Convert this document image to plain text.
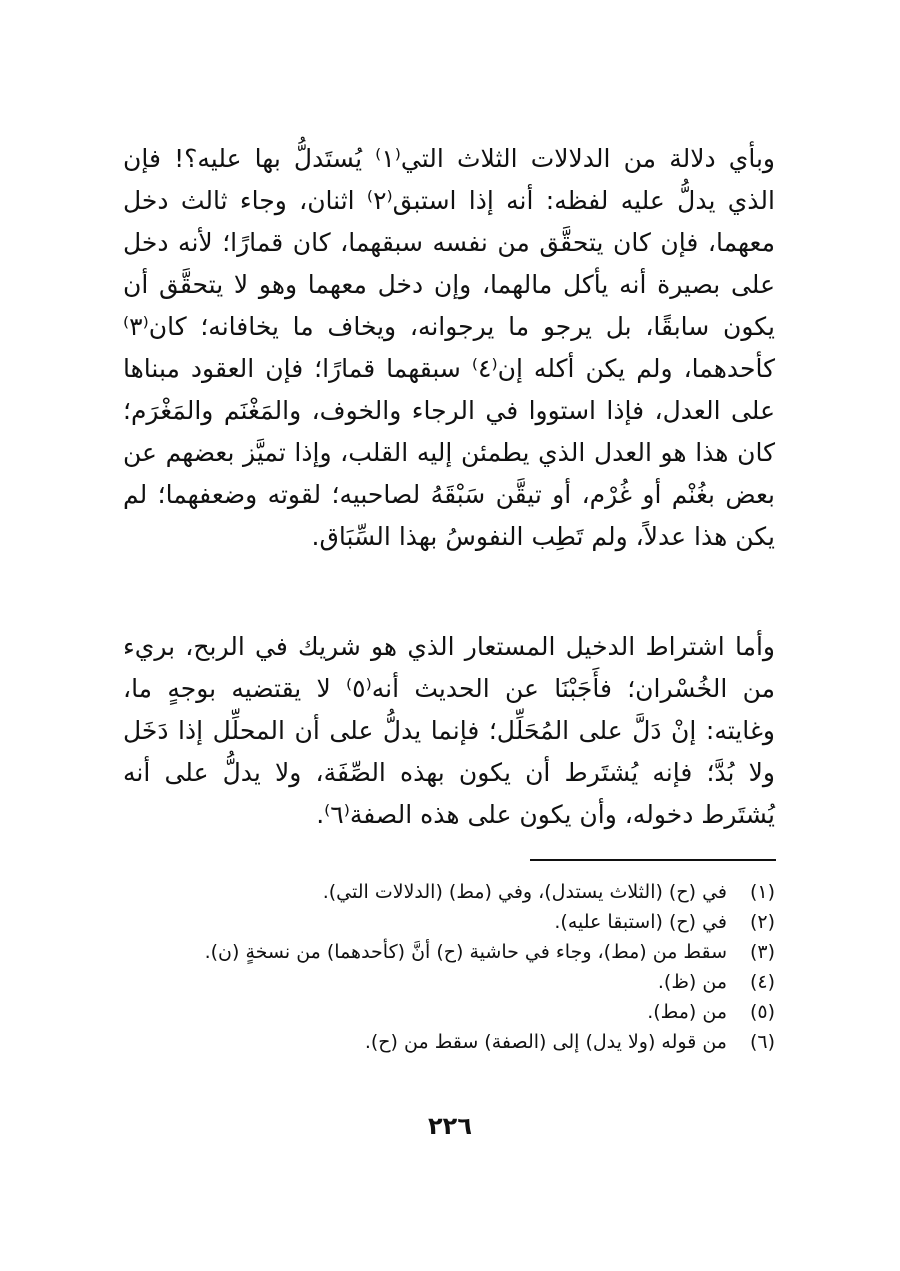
وبأي دلالة من الدلالات الثلاث التي⁽١⁾ يُستَدلُّ بها عليه؟! فإن الذي يدلُّ عليه لفظه: أنه إذا استبق⁽٢⁾ اثنان، وجاء ثالث دخل معهما، فإن كان يتحقَّق من نفسه سبقهما، كان قمارًا؛ لأنه دخل على بصيرة أنه يأكل مالهما، وإن دخل معهما وهو لا يتحقَّق أن يكون سابقًا، بل يرجو ما يرجوانه، ويخاف ما يخافانه؛ كان⁽٣⁾ كأحدهما، ولم يكن أكله إن⁽٤⁾ سبقهما قمارًا؛ فإن العقود مبناها على العدل، فإذا استووا في الرجاء والخوف، والمَغْنَم والمَغْرَم؛ كان هذا هو العدل الذي يطمئن إليه القلب، وإذا تميَّز بعضهم عن بعض بغُنْم أو غُرْم، أو تيقَّن سَبْقَهُ لصاحبيه؛ لقوته وضعفهما؛ لم يكن هذا عدلاً، ولم تَطِب النفوسُ بهذا السِّبَاق.

وأما اشتراط الدخيل المستعار الذي هو شريك في الربح، بريء من الخُسْران؛ فأَجَبْنَا عن الحديث أنه⁽٥⁾ لا يقتضيه بوجهٍ ما، وغايته: إنْ دَلَّ على المُحَلِّل؛ فإنما يدلُّ على أن المحلِّل إذا دَخَل ولا بُدَّ؛ فإنه يُشتَرط أن يكون بهذه الصِّفَة، ولا يدلُّ على أنه يُشتَرط دخوله، وأن يكون على هذه الصفة⁽٦⁾.

(١)
في (ح) (الثلاث يستدل)، وفي (مط) (الدلالات التي).
(٢)
في (ح) (استبقا عليه).
(٣)
سقط من (مط)، وجاء في حاشية (ح) أنَّ (كأحدهما) من نسخةٍ (ن).
(٤)
من (ظ).
(٥)
من (مط).
(٦)
من قوله (ولا يدل) إلى (الصفة) سقط من (ح).
٢٢٦
